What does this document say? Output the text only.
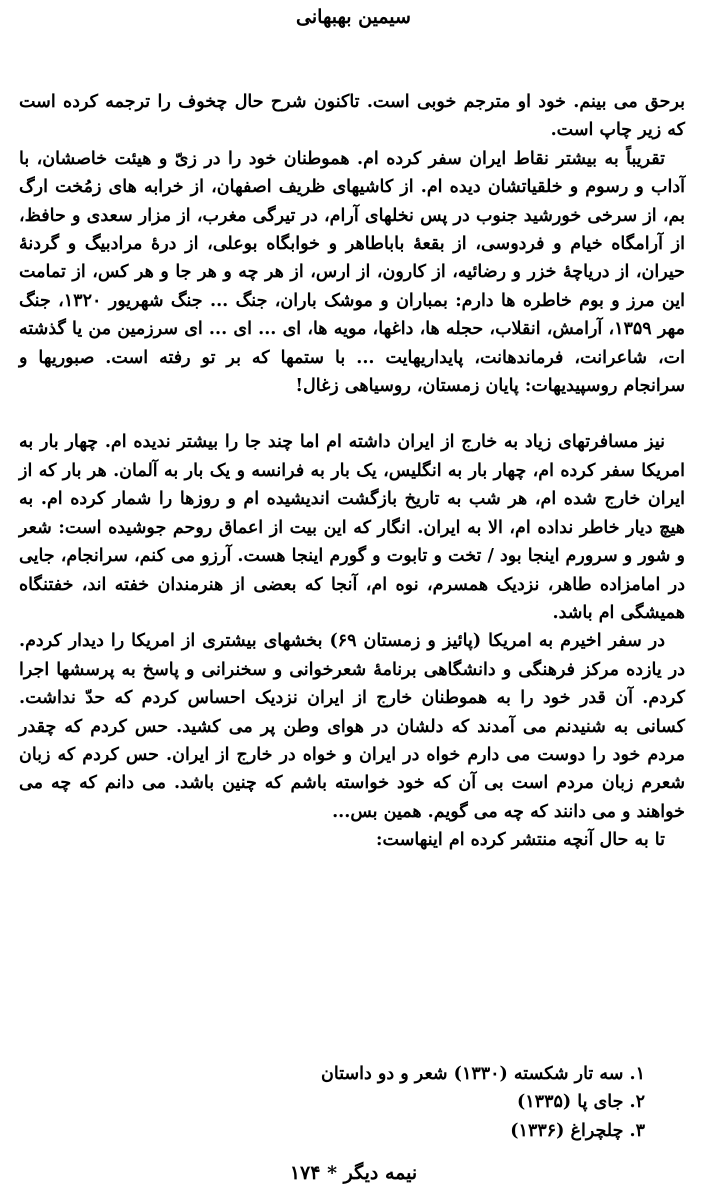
سیمین بهبهانی

برحق می بینم. خود او مترجم خوبی است. تاکنون شرح حال چخوف را ترجمه کرده است که زیر چاپ است.

تقریباً به بیشتر نقاط ایران سفر کرده ام. هموطنان خود را در زیّ و هیئت خاصشان، با آداب و رسوم و خلقیاتشان دیده ام. از کاشیهای ظریف اصفهان، از خرابه های زمُخت ارگ بم، از سرخی خورشید جنوب در پس نخلهای آرام، در تیرگی مغرب، از مزار سعدی و حافظ، از آرامگاه خیام و فردوسی، از بقعهٔ باباطاهر و خوابگاه بوعلی، از درهٔ مرادبیگ و گردنهٔ حیران، از دریاچهٔ خزر و رضائیه، از کارون، از ارس، از هر چه و هر جا و هر کس، از تمامت این مرز و بوم خاطره ها دارم: بمباران و موشک باران، جنگ ... جنگ شهریور ۱۳۲۰، جنگ مهر ۱۳۵۹، آرامش، انقلاب، حجله ها، داغها، مویه ها، ای ... ای ... ای سرزمین من یا گذشته ات، شاعرانت، فرماندهانت، پایداریهایت ... با ستمها که بر تو رفته است. صبوریها و سرانجام روسپیدیهات: پایان زمستان، روسیاهی زغال!

نیز مسافرتهای زیاد به خارج از ایران داشته ام اما چند جا را بیشتر ندیده ام. چهار بار به امریکا سفر کرده ام، چهار بار به انگلیس، یک بار به فرانسه و یک بار به آلمان. هر بار که از ایران خارج شده ام، هر شب به تاریخ بازگشت اندیشیده ام و روزها را شمار کرده ام. به هیچ دیار خاطر نداده ام، الا به ایران. انگار که این بیت از اعماق روحم جوشیده است: شعر و شور و سرورم اینجا بود / تخت و تابوت و گورم اینجا هست. آرزو می کنم، سرانجام، جایی در امامزاده طاهر، نزدیک همسرم، نوه ام، آنجا که بعضی از هنرمندان خفته اند، خفتنگاه همیشگی ام باشد.

در سفر اخیرم به امریکا (پائیز و زمستان ۶۹) بخشهای بیشتری از امریکا را دیدار کردم. در یازده مرکز فرهنگی و دانشگاهی برنامهٔ شعرخوانی و سخنرانی و پاسخ به پرسشها اجرا کردم. آن قدر خود را به هموطنان خارج از ایران نزدیک احساس کردم که حدّ نداشت. کسانی به شنیدنم می آمدند که دلشان در هوای وطن پر می کشید. حس کردم که چقدر مردم خود را دوست می دارم خواه در ایران و خواه در خارج از ایران. حس کردم که زبان شعرم زبان مردم است بی آن که خود خواسته باشم که چنین باشد. می دانم که چه می خواهند و می دانند که چه می گویم. همین بس...

تا به حال آنچه منتشر کرده ام اینهاست:

۱. سه تار شکسته (۱۳۳۰) شعر و دو داستان
۲. جای پا (۱۳۳۵)
۳. چلچراغ (۱۳۳۶)
نیمه دیگر * ۱۷۴
